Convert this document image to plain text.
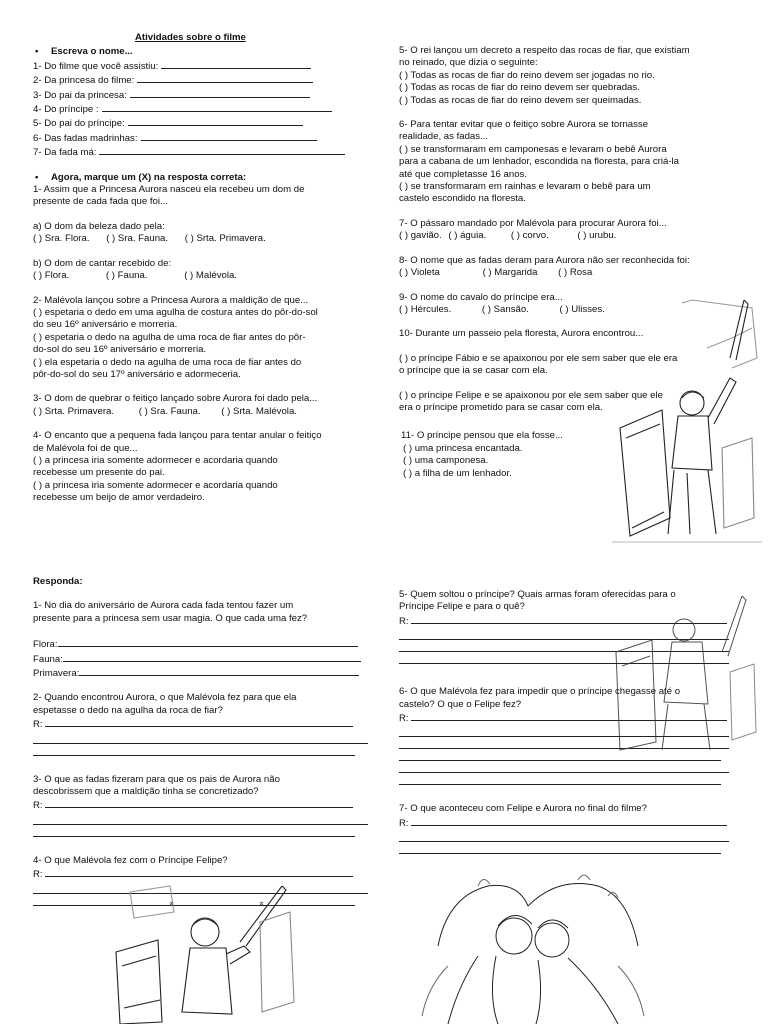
Atividades sobre o filme
• Escreva o nome...
1- Do filme que você assistiu:
2- Da princesa do filme:
3- Do pai da princesa:
4- Do príncipe :
5- Do pai do príncipe:
6- Das fadas madrinhas:
7- Da fada má:
• Agora, marque um (X) na resposta correta:
1- Assim que a Princesa Aurora nasceu ela recebeu um dom de
presente de cada fada que foi...
a) O dom da beleza dado pela:
( ) Sra. Flora. ( ) Sra. Fauna. ( ) Srta. Primavera.
b) O dom de cantar recebido de:
( ) Flora.	( ) Fauna.	( ) Malévola.
2- Malévola lançou sobre a Princesa Aurora a maldição de que...
( ) espetaria o dedo em uma agulha de costura antes do pôr-do-sol
do seu 16º aniversário e morreria.
( ) espetaria o dedo na agulha de uma roca de fiar antes do pôr-
do-sol do seu 16º aniversário e morreria.
( ) ela espetaria o dedo na agulha de uma roca de fiar antes do
pôr-do-sol do seu 17º aniversário e adormeceria.
3- O dom de quebrar o feitiço lançado sobre Aurora foi dado pela...
( ) Srta. Primavera.	( ) Sra. Fauna. ( ) Srta. Malévola.
4- O encanto que a pequena fada lançou para tentar anular o feitiço
de Malévola foi de que...
( ) a princesa iria somente adormecer e acordaria quando
recebesse um presente do pai.
( ) a princesa iria somente adormecer e acordaria quando
recebesse um beijo de amor verdadeiro.
5- O rei lançou um decreto a respeito das rocas de fiar, que existiam
no reinado, que dizia o seguinte:
( ) Todas as rocas de fiar do reino devem ser jogadas no rio.
( ) Todas as rocas de fiar do reino devem ser quebradas.
( ) Todas as rocas de fiar do reino devem ser queimadas.
6- Para tentar evitar que o feitiço sobre Aurora se tornasse
realidade, as fadas...
( ) se transformaram em camponesas e levaram o bebê Aurora
para a cabana de um lenhador, escondida na floresta, para criá-la
até que completasse 16 anos.
( ) se transformaram em rainhas e levaram o bebê para um
castelo escondido na floresta.
7- O pássaro mandado por Malévola para procurar Aurora foi...
( ) gavião. ( ) águia.	( ) corvo.	( ) urubu.
8- O nome que as fadas deram para Aurora não ser reconhecida foi:
( ) Violeta	( ) Margarida ( ) Rosa
9- O nome do cavalo do príncipe era...
( ) Hércules.	( ) Sansão.	( ) Ulisses.
10- Durante um passeio pela floresta, Aurora encontrou...
( ) o príncipe Fábio e se apaixonou por ele sem saber que ele era
o príncipe que ia se casar com ela.
( ) o príncipe Felipe e se apaixonou por ele sem saber que ele
era o príncipe prometido para se casar com ela.
11- O príncipe pensou que ela fosse...
( ) uma princesa encantada.
( ) uma camponesa.
( ) a filha de um lenhador.
Responda:
1- No dia do aniversário de Aurora cada fada tentou fazer um
presente para a princesa sem usar magia. O que cada uma fez?
Flora:
Fauna:
Primavera:
2- Quando encontrou Aurora, o que Malévola fez para que ela
espetasse o dedo na agulha da roca de fiar?
R:
3- O que as fadas fizeram para que os pais de Aurora não
descobrissem que a maldição tinha se concretizado?
R:
4- O que Malévola fez com o Príncipe Felipe?
R:
5- Quem soltou o príncipe? Quais armas foram oferecidas para o
Príncipe Felipe e para o quê?
R:
6- O que Malévola fez para impedir que o príncipe chegasse até o
castelo? O que o Felipe fez?
R:
7- O que aconteceu com Felipe e Aurora no final do filme?
R:
